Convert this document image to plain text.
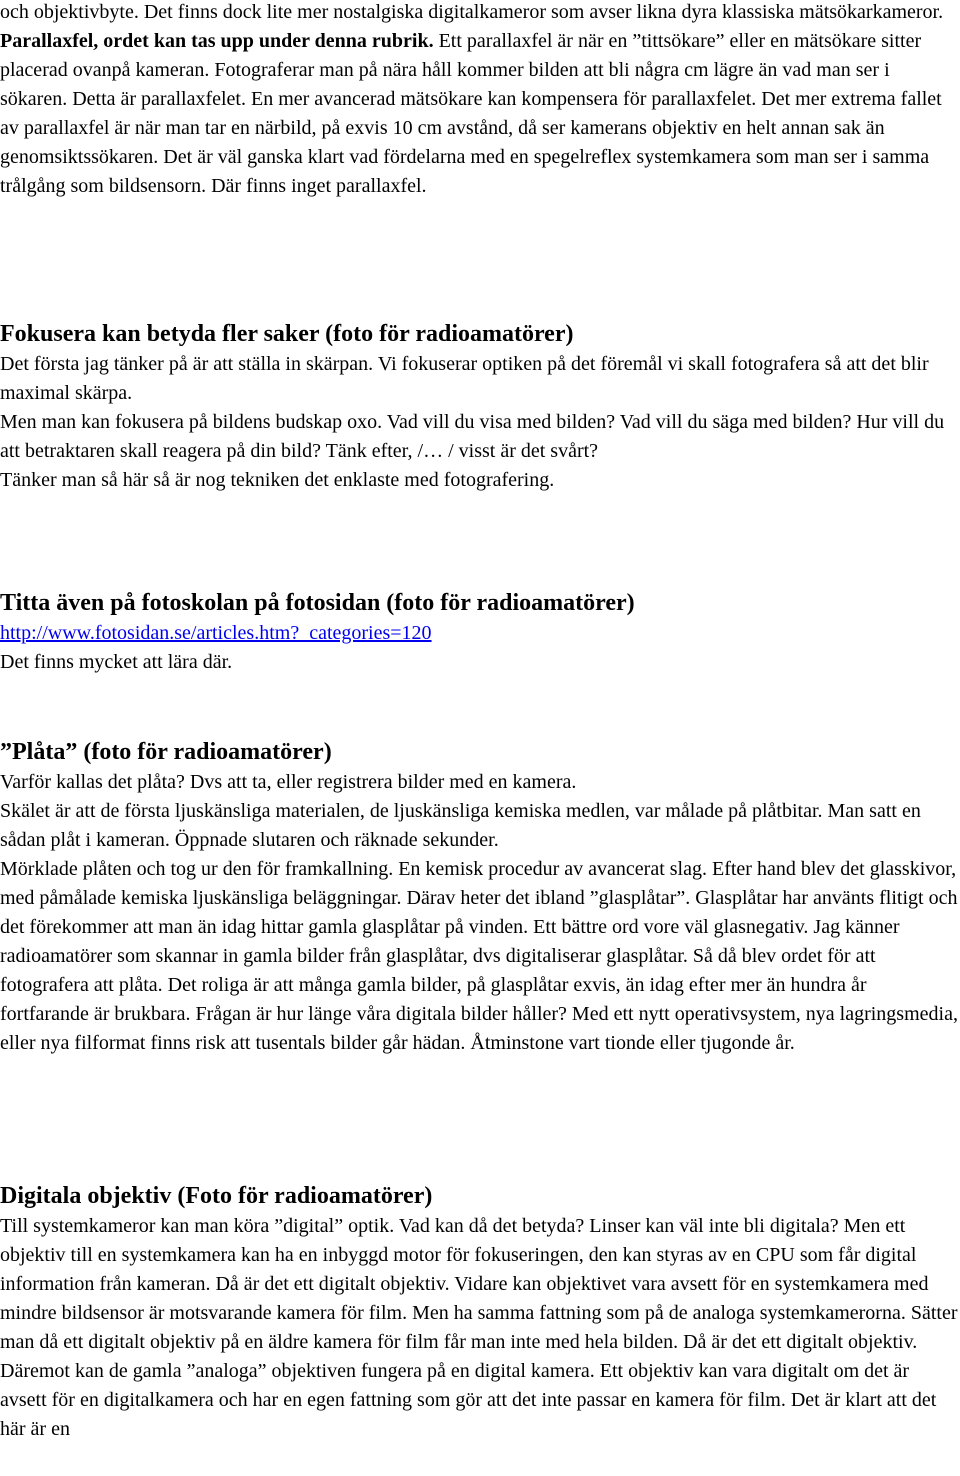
och objektivbyte. Det finns dock lite mer nostalgiska digitalkameror som avser likna dyra klassiska mätsökarkameror.

Parallaxfel, ordet kan tas upp under denna rubrik. Ett parallaxfel är när en ”tittsökare” eller en mätsökare sitter placerad ovanpå kameran. Fotograferar man på nära håll kommer bilden att bli några cm lägre än vad man ser i sökaren. Detta är parallaxfelet. En mer avancerad mätsökare kan kompensera för parallaxfelet. Det mer extrema fallet av parallaxfel är när man tar en närbild, på exvis 10 cm avstånd, då ser kamerans objektiv en helt annan sak än genomsiktssökaren. Det är väl ganska klart vad fördelarna med en spegelreflex systemkamera som man ser i samma trålgång som bildsensorn. Där finns inget parallaxfel.

Fokusera kan betyda fler saker (foto för radioamatörer)

Det första jag tänker på är att ställa in skärpan. Vi fokuserar optiken på det föremål vi skall fotografera så att det blir maximal skärpa.

Men man kan fokusera på bildens budskap oxo. Vad vill du visa med bilden? Vad vill du säga med bilden? Hur vill du att betraktaren skall reagera på din bild? Tänk efter, /… / visst är det svårt?

Tänker man så här så är nog tekniken det enklaste med fotografering.

Titta även på fotoskolan på fotosidan (foto för radioamatörer)

http://www.fotosidan.se/articles.htm?_categories=120

Det finns mycket att lära där.

”Plåta” (foto för radioamatörer)

Varför kallas det plåta? Dvs att ta, eller registrera bilder med en kamera.

Skälet är att de första ljuskänsliga materialen, de ljuskänsliga kemiska medlen, var målade på plåtbitar. Man satt en sådan plåt i kameran. Öppnade slutaren och räknade sekunder.

Mörklade plåten och tog ur den för framkallning. En kemisk procedur av avancerat slag. Efter hand blev det glasskivor, med påmålade kemiska ljuskänsliga beläggningar. Därav heter det ibland ”glasplåtar”. Glasplåtar har använts flitigt och det förekommer att man än idag hittar gamla glasplåtar på vinden. Ett bättre ord vore väl glasnegativ. Jag känner radioamatörer som skannar in gamla bilder från glasplåtar, dvs digitaliserar glasplåtar. Så då blev ordet för att fotografera att plåta. Det roliga är att många gamla bilder, på glasplåtar exvis, än idag efter mer än hundra år fortfarande är brukbara. Frågan är hur länge våra digitala bilder håller? Med ett nytt operativsystem, nya lagringsmedia, eller nya filformat finns risk att tusentals bilder går hädan. Åtminstone vart tionde eller tjugonde år.

Digitala objektiv (Foto för radioamatörer)

Till systemkameror kan man köra ”digital” optik. Vad kan då det betyda? Linser kan väl inte bli digitala? Men ett objektiv till en systemkamera kan ha en inbyggd motor för fokuseringen, den kan styras av en CPU som får digital information från kameran. Då är det ett digitalt objektiv. Vidare kan objektivet vara avsett för en systemkamera med mindre bildsensor är motsvarande kamera för film. Men ha samma fattning som på de analoga systemkamerorna. Sätter man då ett digitalt objektiv på en äldre kamera för film får man inte med hela bilden. Då är det ett digitalt objektiv. Däremot kan de gamla ”analoga” objektiven fungera på en digital kamera. Ett objektiv kan vara digitalt om det är avsett för en digitalkamera och har en egen fattning som gör att det inte passar en kamera för film. Det är klart att det här är en
